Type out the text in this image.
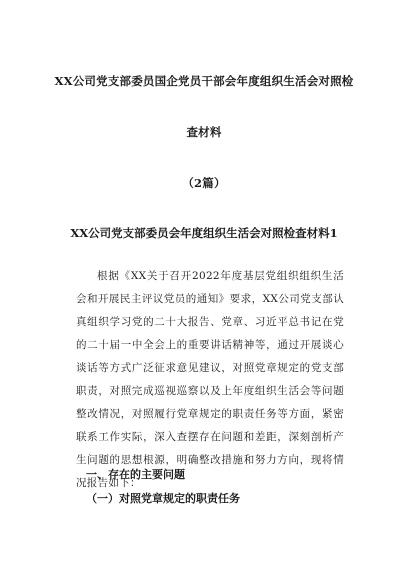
XX公司党支部委员国企党员干部会年度组织生活会对照检
查材料
（2篇）
XX公司党支部委员会年度组织生活会对照检查材料1
根据《XX关于召开2022年度基层党组织组织生活会和开展民主评议党员的通知》要求，XX公司党支部认真组织学习党的二十大报告、党章、习近平总书记在党的二十届一中全会上的重要讲话精神等，通过开展谈心谈话等方式广泛征求意见建议，对照党章规定的党支部职责，对照完成巡视巡察以及上年度组织生活会等问题整改情况，对照履行党章规定的职责任务等方面，紧密联系工作实际，深入查摆存在问题和差距，深刻剖析产生问题的思想根源，明确整改措施和努力方向，现将情况报告如下：
一、存在的主要问题
（一）对照党章规定的职责任务
